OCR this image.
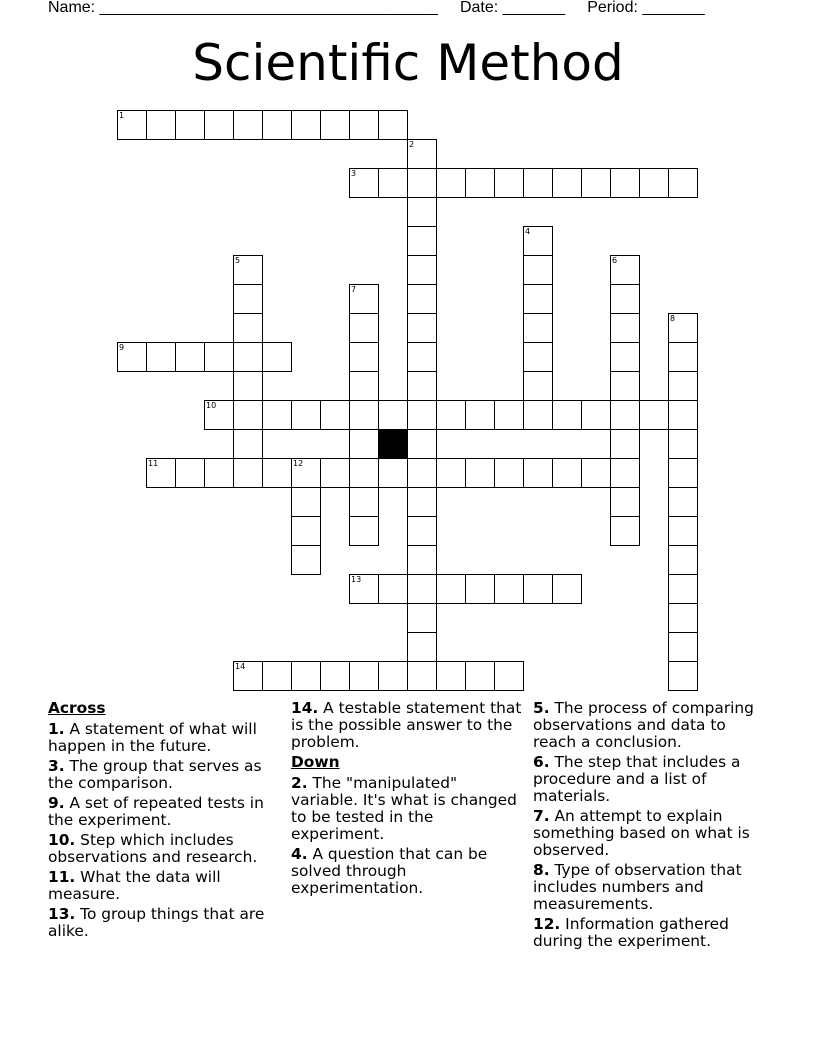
Name: ______________________________________ Date: _______ Period: _______
Scientific Method
1
2
3
4
5	6
7
8
9
10
11	12
13
14
Across
1. A statement of what will happen in the future.
3. The group that serves as the comparison.
9. A set of repeated tests in the experiment.
10. Step which includes observations and research.
11. What the data will measure.
13. To group things that are alike.
14. A testable statement that is the possible answer to the problem.
Down
2. The "manipulated" variable. It's what is changed to be tested in the experiment.
4. A question that can be solved through experimentation.
5. The process of comparing observations and data to reach a conclusion.
6. The step that includes a procedure and a list of materials.
7. An attempt to explain something based on what is observed.
8. Type of observation that includes numbers and measurements.
12. Information gathered during the experiment.
